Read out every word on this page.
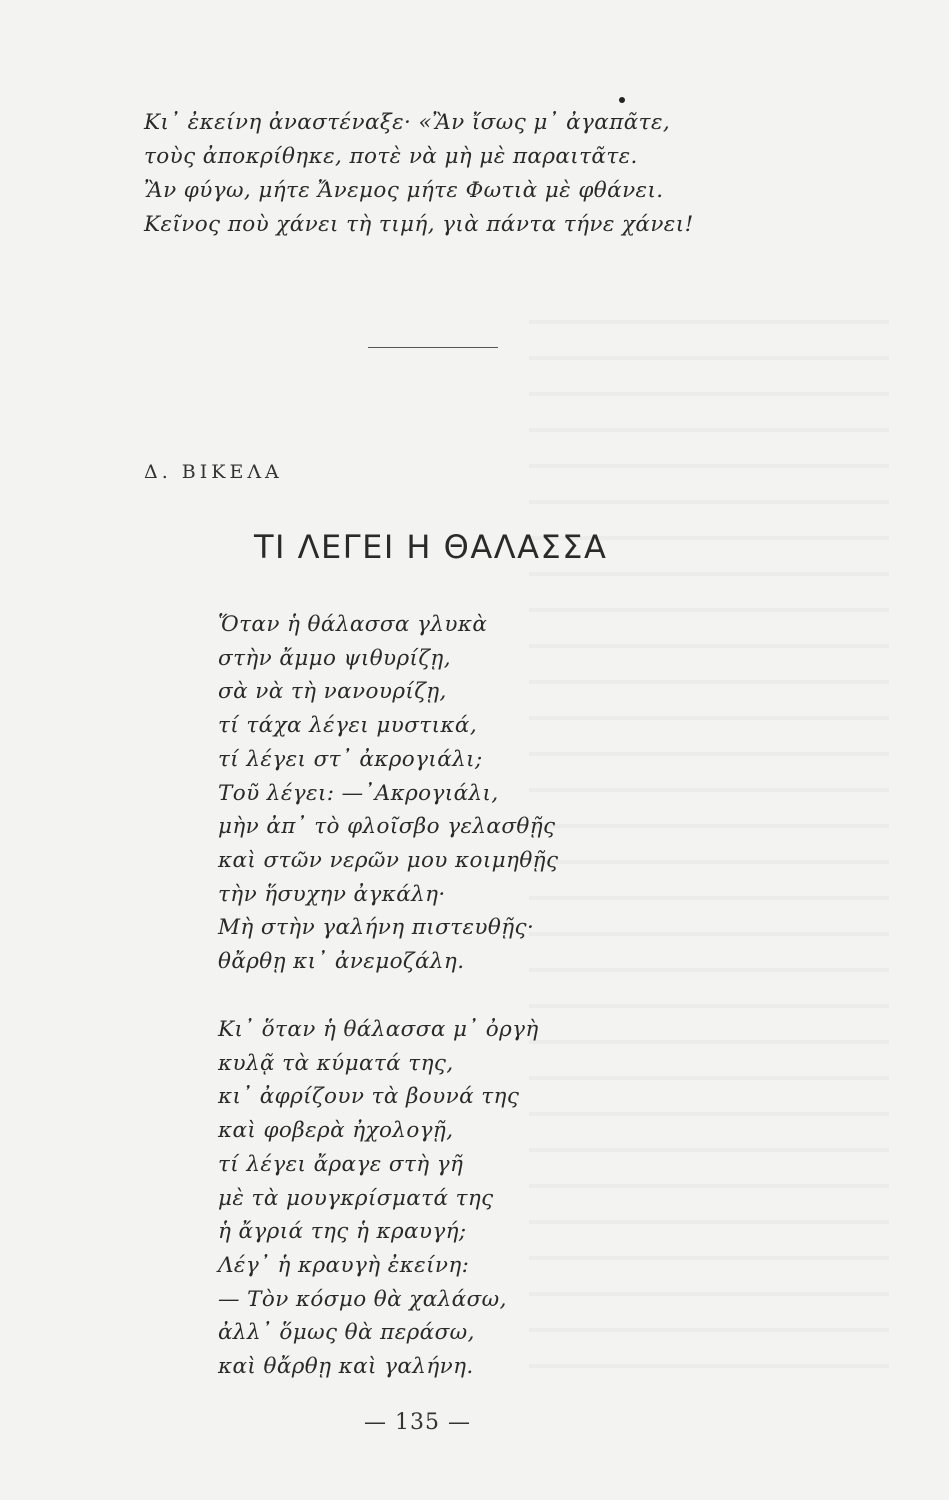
Κι᾿ ἐκείνη ἀναστέναξε· «Ἂν ἴσως μ᾿ ἀγαπᾶτε,

τοὺς ἀποκρίθηκε, ποτὲ νὰ μὴ μὲ παραιτᾶτε.

Ἂν φύγω, μήτε Ἄνεμος μήτε Φωτιὰ μὲ φθάνει.

Κεῖνος ποὺ χάνει τὴ τιμή, γιὰ πάντα τήνε χάνει!

Δ. ΒΙΚΕΛΑ

ΤΙ ΛΕΓΕΙ Η ΘΑΛΑΣΣΑ

Ὅταν ἡ θάλασσα γλυκὰ

στὴν ἄμμο ψιθυρίζῃ,

σὰ νὰ τὴ νανουρίζῃ,

τί τάχα λέγει μυστικά,

τί λέγει στ᾿ ἀκρογιάλι;

Τοῦ λέγει: —᾿Ακρογιάλι,

μὴν ἀπ᾿ τὸ φλοῖσβο γελασθῇς

καὶ στῶν νερῶν μου κοιμηθῇς

τὴν ἥσυχην ἀγκάλη·

Μὴ στὴν γαλήνη πιστευθῇς·

θἄρθῃ κι᾿ ἀνεμοζάλη.

Κι᾿ ὅταν ἡ θάλασσα μ᾿ ὀργὴ

κυλᾷ τὰ κύματά της,

κι᾿ ἀφρίζουν τὰ βουνά της

καὶ φοβερὰ ἠχολογῇ,

τί λέγει ἄραγε στὴ γῆ

μὲ τὰ μουγκρίσματά της

ἡ ἄγριά της ἡ κραυγή;

Λέγ᾿ ἡ κραυγὴ ἐκείνη:

— Τὸν κόσμο θὰ χαλάσω,

ἀλλ᾿ ὅμως θὰ περάσω,

καὶ θἄρθῃ καὶ γαλήνη.

— 135 —
